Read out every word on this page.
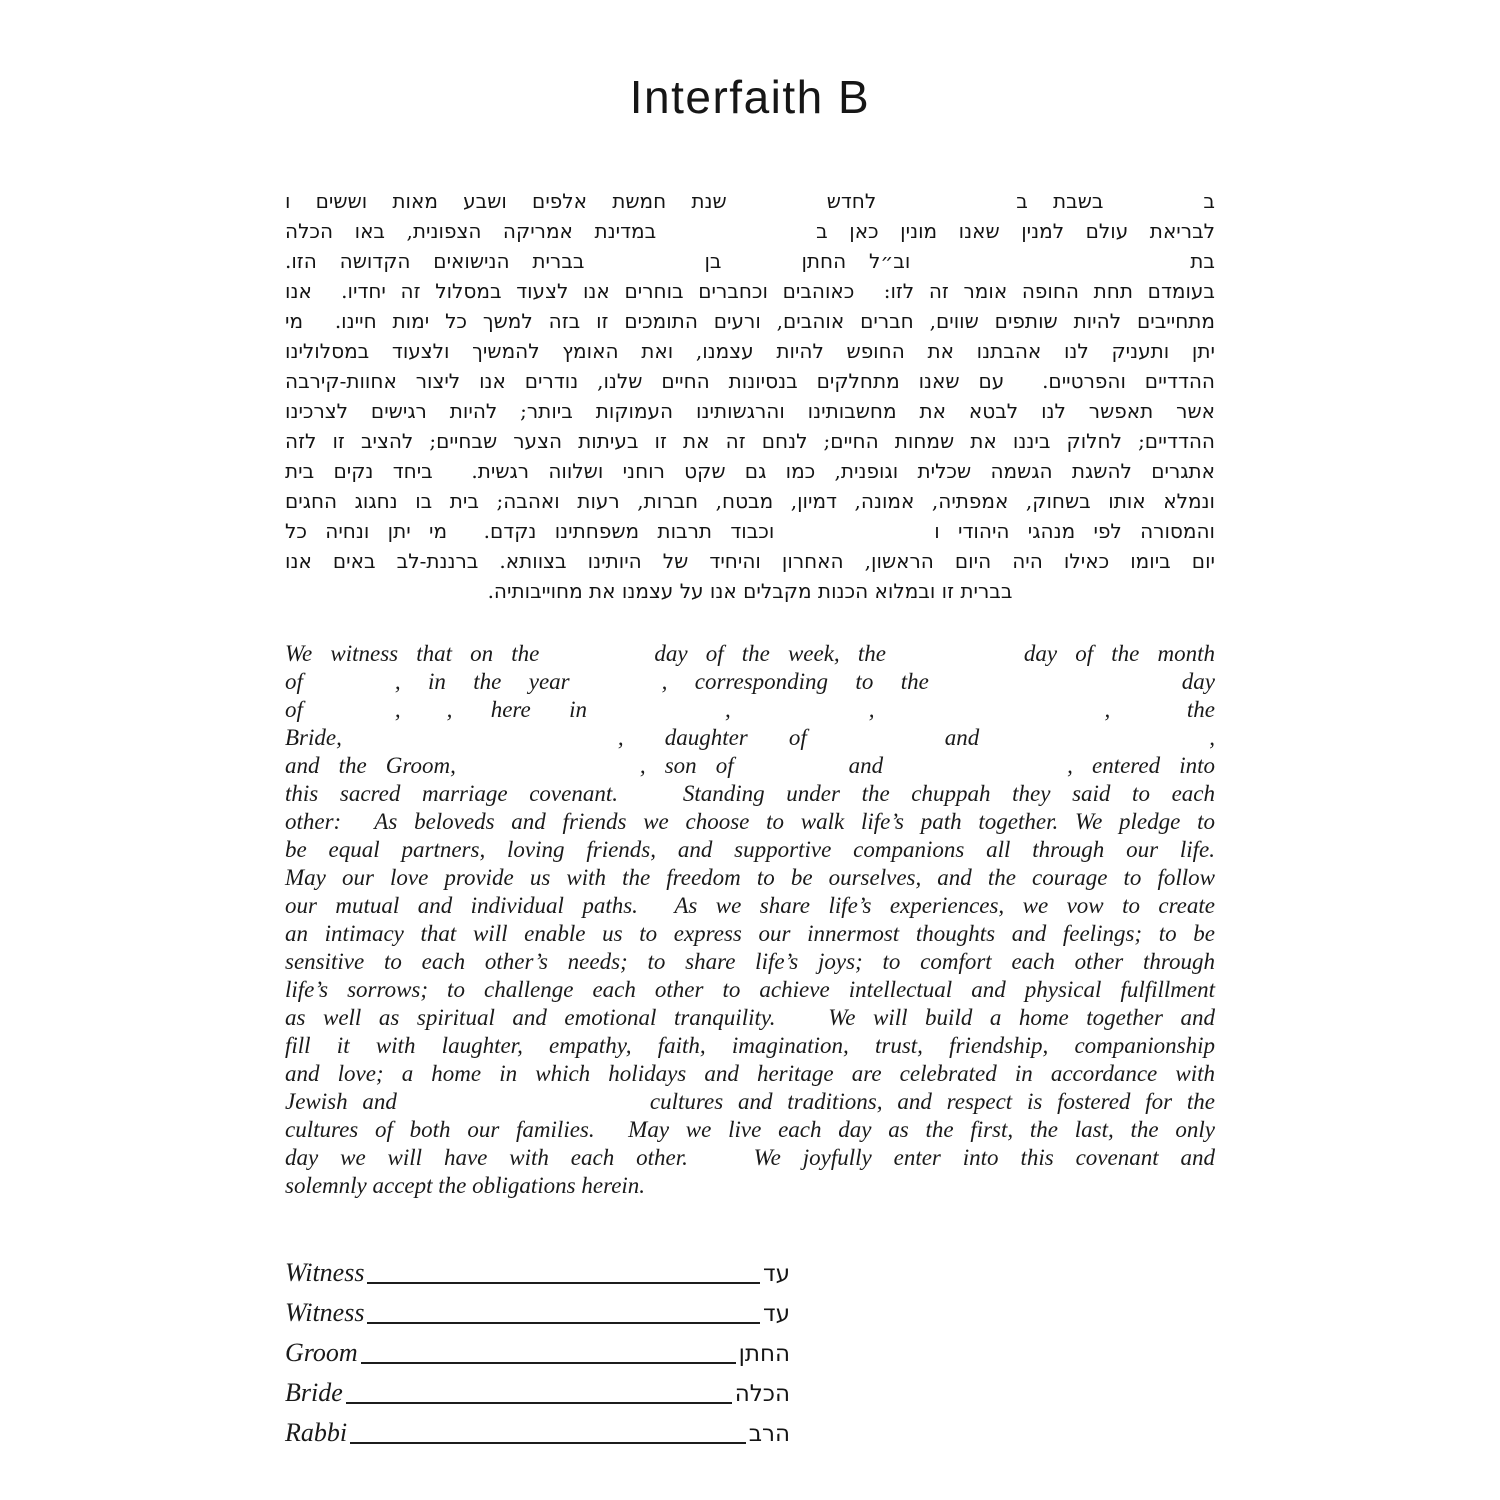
Interfaith B
ב     בשבת ב       לחדש     שנת חמשת אלפים ושבע מאות וששים ו
לבריאת עולם למנין שאנו מונין כאן ב        במדינת אמריקה הצפונית, באו הכלה
בת              וב״ל החתן    בן      בברית הנישואים הקדושה הזו.
בעומדם תחת החופה אומר זה לזו:  כאוהבים וכחברים בוחרים אנו לצעוד במסלול זה יחדיו.  אנו
מתחייבים להיות שותפים שווים, חברים אוהבים, ורעים התומכים זו בזה למשך כל ימות חיינו.  מי
יתן ותעניק לנו אהבתנו את החופש להיות עצמנו, ואת האומץ להמשיך ולצעוד במסלולינו
ההדדיים והפרטיים.  עם שאנו מתחלקים בנסיונות החיים שלנו, נודרים אנו ליצור אחוות-קירבה
אשר תאפשר לנו לבטא את מחשבותינו והרגשותינו העמוקות ביותר; להיות רגישים לצרכינו
ההדדיים; לחלוק ביננו את שמחות החיים; לנחם זה את זו בעיתות הצער שבחיים; להציב זו לזה
אתגרים להשגת הגשמה שכלית וגופנית, כמו גם שקט רוחני ושלווה רגשית.  ביחד נקים בית
ונמלא אותו בשחוק, אמפתיה, אמונה, דמיון, מבטח, חברות, רעות ואהבה; בית בו נחגוג החגים
והמסורה לפי מנהגי היהודי ו        וכבוד תרבות משפחתינו נקדם.  מי יתן ונחיה כל
יום ביומו כאילו היה היום הראשון, האחרון והיחיד של היותינו בצוותא. ברננת-לב באים אנו
בברית זו ובמלוא הכנות מקבלים אנו על עצמנו את מחוייבותיה.
We witness that on the     day of the week, the      day of the month
of    , in the year    , corresponding to the           day
of    ,  , here in      ,      ,          ,  the
Bride,            , daughter of      and          ,
and the Groom,        , son of     and        , entered into
this sacred marriage covenant.   Standing under the chuppah they said to each
other:  As beloveds and friends we choose to walk life’s path together. We pledge to
be equal partners, loving friends, and supportive companions all through our life.
May our love provide us with the freedom to be ourselves, and the courage to follow
our mutual and individual paths.  As we share life’s experiences, we vow to create
an intimacy that will enable us to express our innermost thoughts and feelings; to be
sensitive to each other’s needs; to share life’s joys; to comfort each other through
life’s sorrows; to challenge each other to achieve intellectual and physical fulfillment
as well as spiritual and emotional tranquility.   We will build a home together and
fill it with laughter, empathy, faith, imagination, trust, friendship, companionship
and love; a home in which holidays and heritage are celebrated in accordance with
Jewish and           cultures and traditions, and respect is fostered for the
cultures of both our families.  May we live each day as the first, the last, the only
day we will have with each other.   We joyfully enter into this covenant and
solemnly accept the obligations herein.
Witness	עד
Witness	עד
Groom	החתן
Bride	הכלה
Rabbi	הרב
